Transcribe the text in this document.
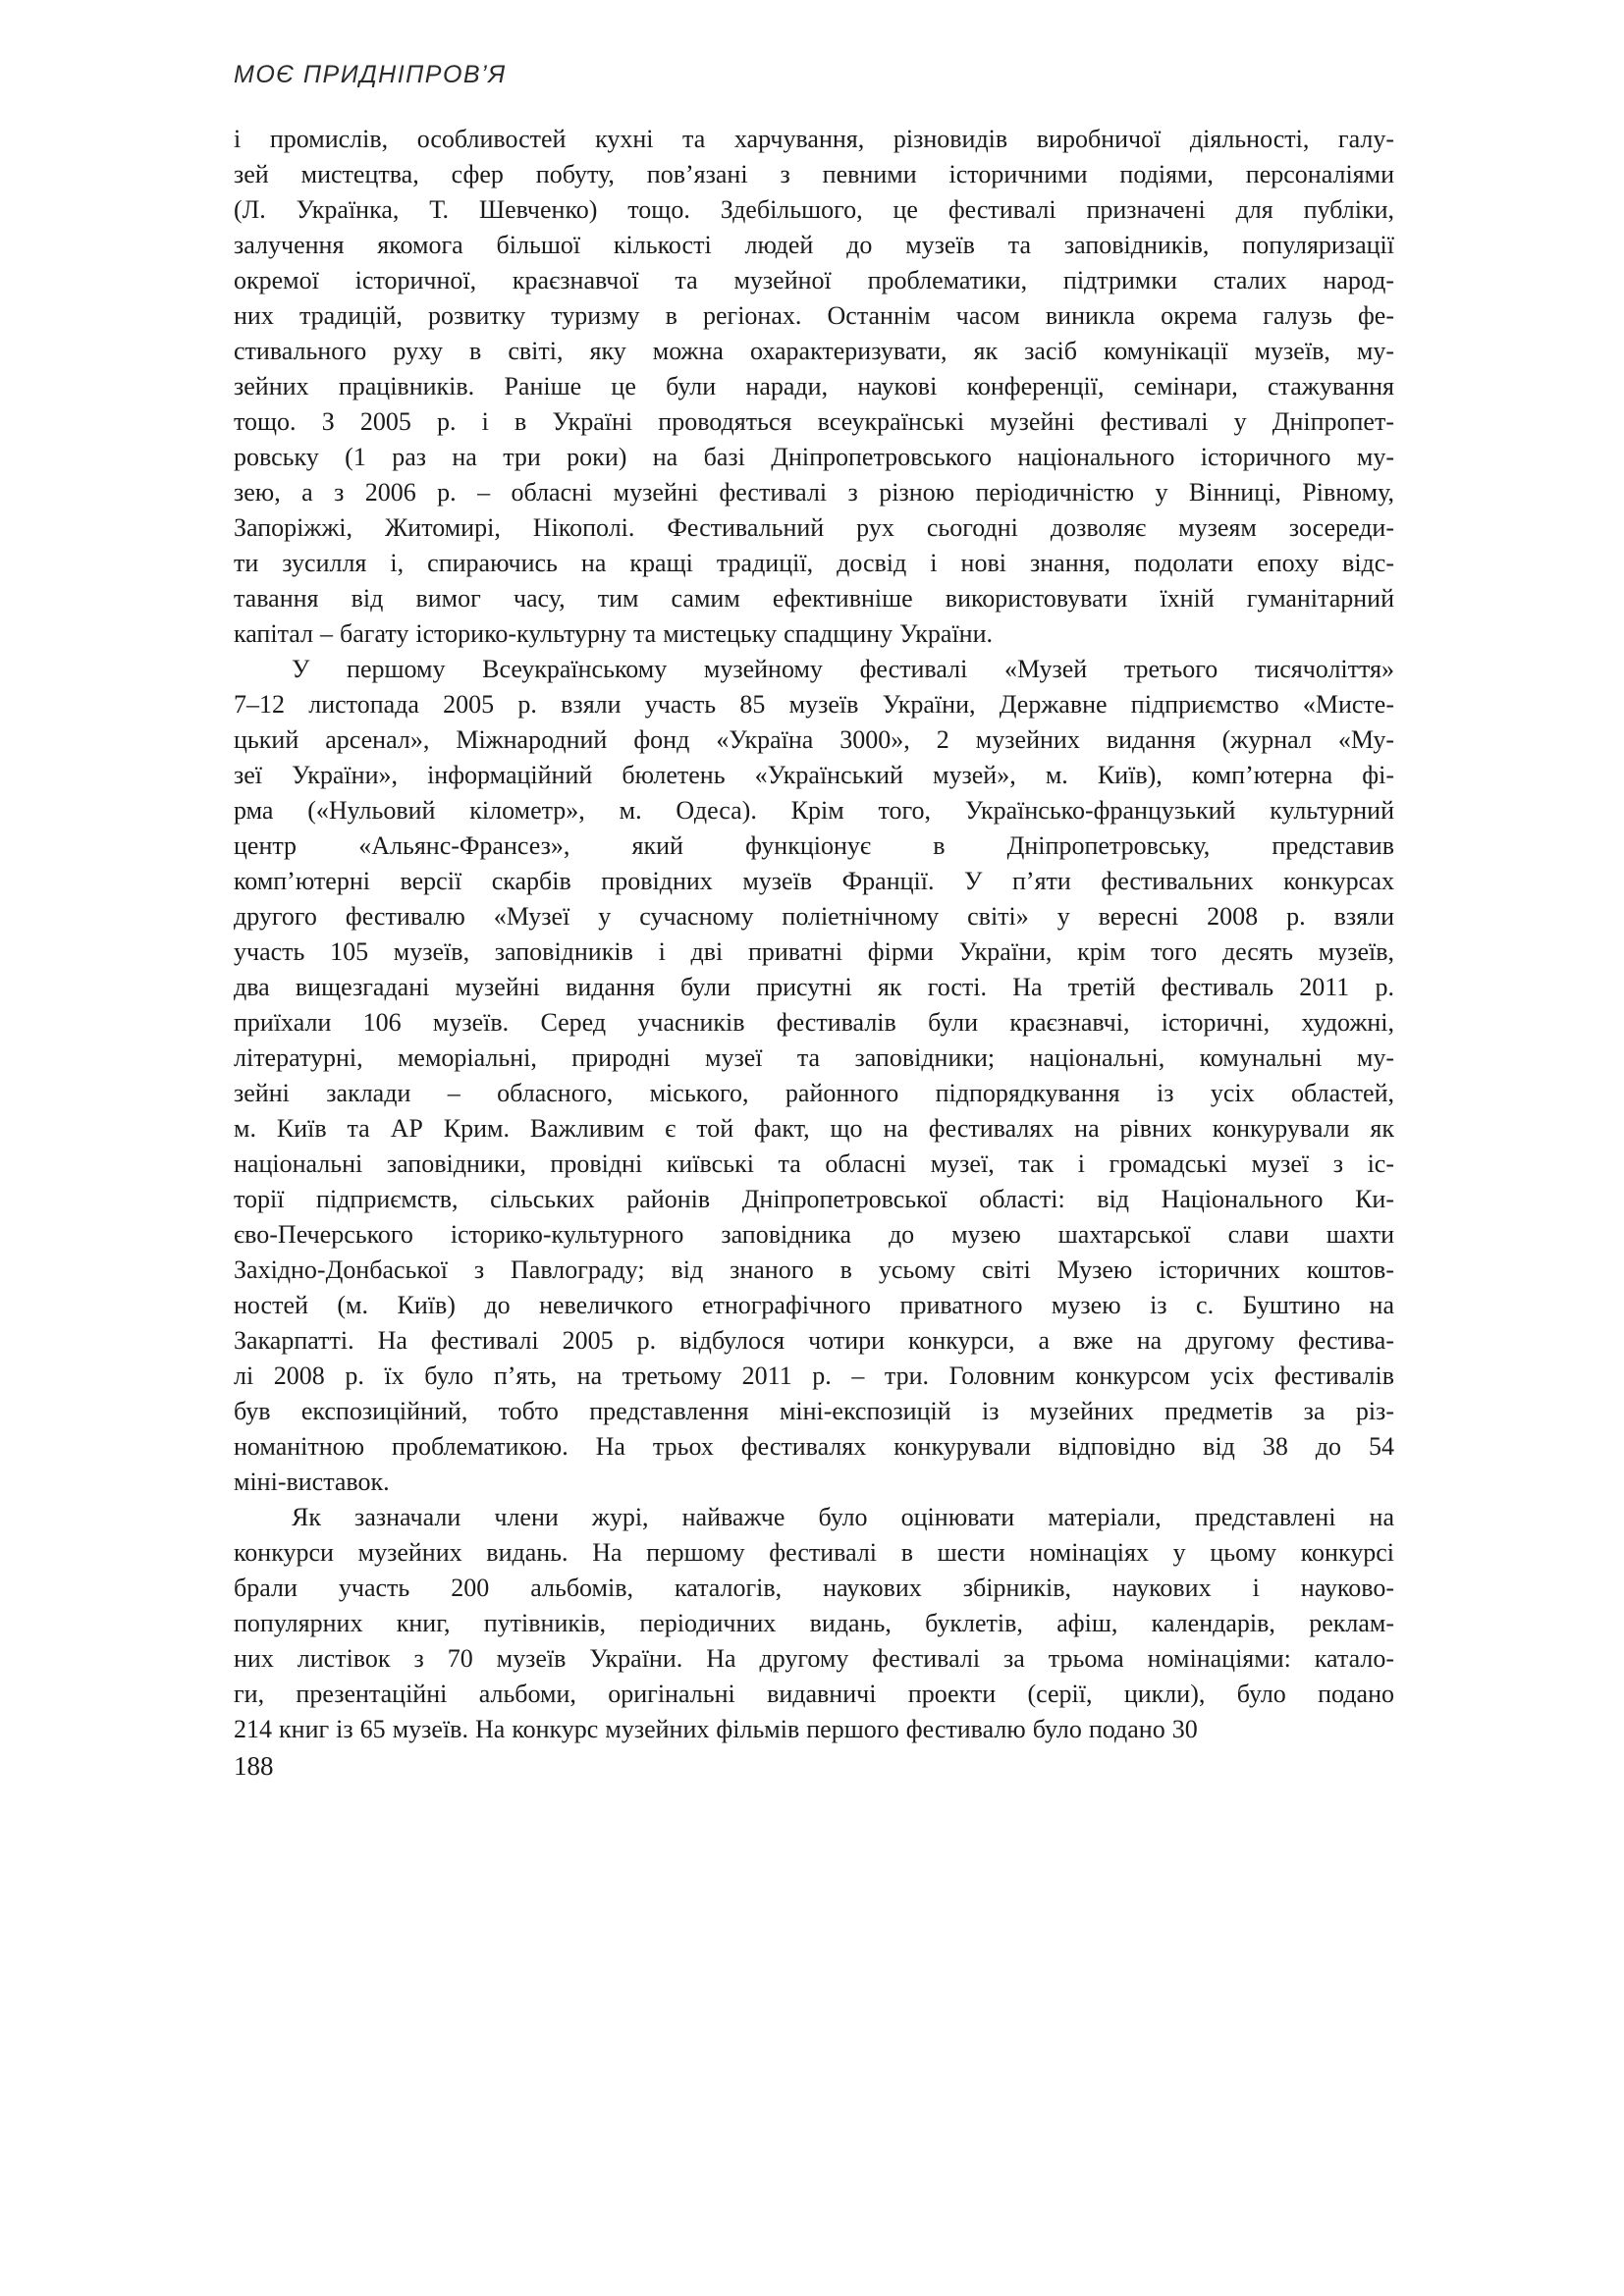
МОЄ ПРИДНІПРОВ’Я

і промислів, особливостей кухні та харчування, різновидів виробничої діяльності, галу-
зей мистецтва, сфер побуту, пов’язані з певними історичними подіями, персоналіями
(Л. Українка, Т. Шевченко) тощо. Здебільшого, це фестивалі призначені для публіки,
залучення якомога більшої кількості людей до музеїв та заповідників, популяризації
окремої історичної, краєзнавчої та музейної проблематики, підтримки сталих народ-
них традицій, розвитку туризму в регіонах. Останнім часом виникла окрема галузь фе-
стивального руху в світі, яку можна охарактеризувати, як засіб комунікації музеїв, му-
зейних працівників. Раніше це були наради, наукові конференції, семінари, стажування
тощо. З 2005 р. і в Україні проводяться всеукраїнські музейні фестивалі у Дніпропет-
ровську (1 раз на три роки) на базі Дніпропетровського національного історичного му-
зею, а з 2006 р. – обласні музейні фестивалі з різною періодичністю у Вінниці, Рівному,
Запоріжжі, Житомирі, Нікополі. Фестивальний рух сьогодні дозволяє музеям зосереди-
ти зусилля і, спираючись на кращі традиції, досвід і нові знання, подолати епоху відс-
тавання від вимог часу, тим самим ефективніше використовувати їхній гуманітарний
капітал – багату історико-культурну та мистецьку спадщину України.

У першому Всеукраїнському музейному фестивалі «Музей третього тисячоліття»
7–12 листопада 2005 р. взяли участь 85 музеїв України, Державне підприємство «Мисте-
цький арсенал», Міжнародний фонд «Україна 3000», 2 музейних видання (журнал «Му-
зеї України», інформаційний бюлетень «Український музей», м. Київ), комп’ютерна фі-
рма («Нульовий кілометр», м. Одеса). Крім того, Українсько-французький культурний
центр «Альянс-Франсез», який функціонує в Дніпропетровську, представив
комп’ютерні версії скарбів провідних музеїв Франції. У п’яти фестивальних конкурсах
другого фестивалю «Музеї у сучасному поліетнічному світі» у вересні 2008 р. взяли
участь 105 музеїв, заповідників і дві приватні фірми України, крім того десять музеїв,
два вищезгадані музейні видання були присутні як гості. На третій фестиваль 2011 р.
приїхали 106 музеїв. Серед учасників фестивалів були краєзнавчі, історичні, художні,
літературні, меморіальні, природні музеї та заповідники; національні, комунальні му-
зейні заклади – обласного, міського, районного підпорядкування із усіх областей,
м. Київ та АР Крим. Важливим є той факт, що на фестивалях на рівних конкурували як
національні заповідники, провідні київські та обласні музеї, так і громадські музеї з іс-
торії підприємств, сільських районів Дніпропетровської області: від Національного Ки-
єво-Печерського історико-культурного заповідника до музею шахтарської слави шахти
Західно-Донбаської з Павлограду; від знаного в усьому світі Музею історичних коштов-
ностей (м. Київ) до невеличкого етнографічного приватного музею із с. Буштино на
Закарпатті. На фестивалі 2005 р. відбулося чотири конкурси, а вже на другому фестива-
лі 2008 р. їх було п’ять, на третьому 2011 р. – три. Головним конкурсом усіх фестивалів
був експозиційний, тобто представлення міні-експозицій із музейних предметів за різ-
номанітною проблематикою. На трьох фестивалях конкурували відповідно від 38 до 54
міні-виставок.

Як зазначали члени журі, найважче було оцінювати матеріали, представлені на
конкурси музейних видань. На першому фестивалі в шести номінаціях у цьому конкурсі
брали участь 200 альбомів, каталогів, наукових збірників, наукових і науково-
популярних книг, путівників, періодичних видань, буклетів, афіш, календарів, реклам-
них листівок з 70 музеїв України. На другому фестивалі за трьома номінаціями: катало-
ги, презентаційні альбоми, оригінальні видавничі проекти (серії, цикли), було подано
214 книг із 65 музеїв. На конкурс музейних фільмів першого фестивалю було подано 30

188
